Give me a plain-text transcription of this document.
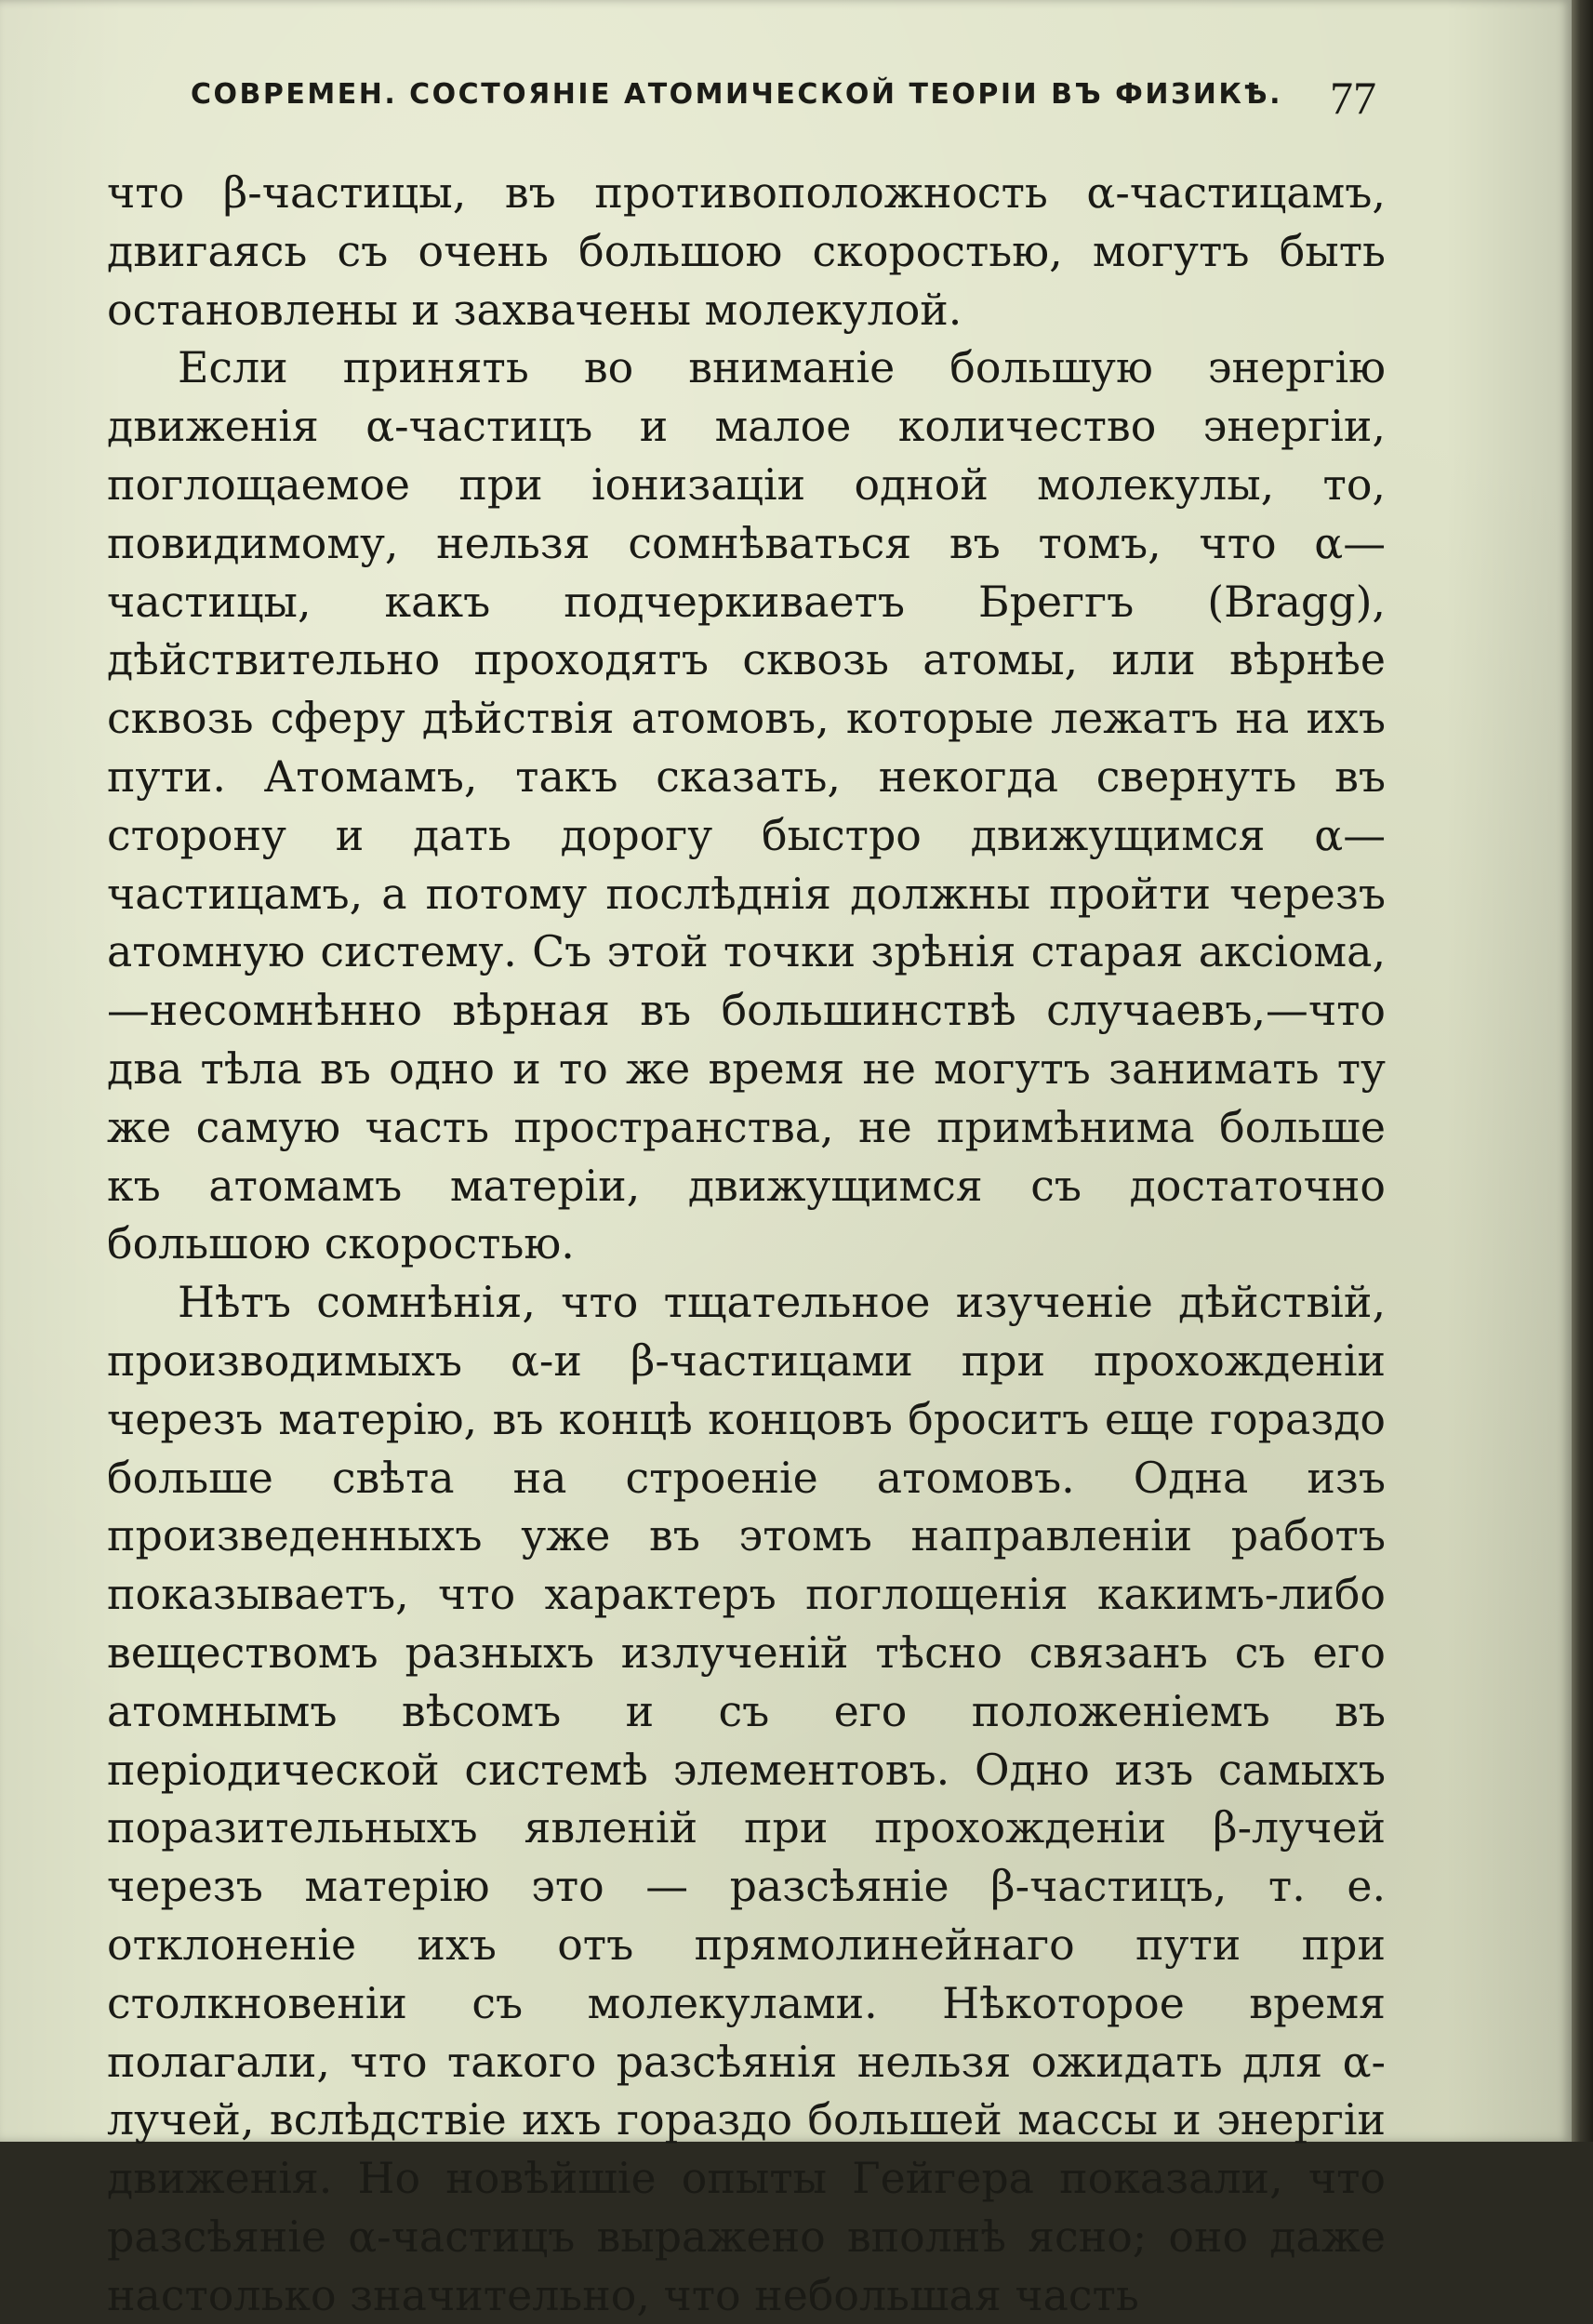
СОВРЕМЕН. СОСТОЯНІЕ АТОМИЧЕСКОЙ ТЕОРІИ ВЪ ФИЗИКѢ. 77

что β-частицы, въ противоположность α-частицамъ, двигаясь съ очень большою скоростью, могутъ быть остановлены и захвачены молекулой.

Если принять во вниманіе большую энергію движенія α-частицъ и малое количество энергіи, поглощаемое при іонизаціи одной молекулы, то, повидимому, нельзя сомнѣваться въ томъ, что α—частицы, какъ подчеркиваетъ Бреггъ (Bragg), дѣйствительно проходятъ сквозь атомы, или вѣрнѣе сквозь сферу дѣйствія атомовъ, которые лежатъ на ихъ пути. Атомамъ, такъ сказать, некогда свернуть въ сторону и дать дорогу быстро движущимся α—частицамъ, а потому послѣднія должны пройти черезъ атомную систему. Съ этой точки зрѣнія старая аксіома,—несомнѣнно вѣрная въ большинствѣ случаевъ,—что два тѣла въ одно и то же время не могутъ занимать ту же самую часть пространства, не примѣнима больше къ атомамъ матеріи, движущимся съ достаточно большою скоростью.

Нѣтъ сомнѣнія, что тщательное изученіе дѣйствій, производимыхъ α-и β-частицами при прохожденіи черезъ матерію, въ концѣ концовъ броситъ еще гораздо больше свѣта на строеніе атомовъ. Одна изъ произведенныхъ уже въ этомъ направленіи работъ показываетъ, что характеръ поглощенія какимъ-либо веществомъ разныхъ излученій тѣсно связанъ съ его атомнымъ вѣсомъ и съ его положеніемъ въ періодической системѣ элементовъ. Одно изъ самыхъ поразительныхъ явленій при прохожденіи β-лучей черезъ матерію это — разсѣяніе β-частицъ, т. е. отклоненіе ихъ отъ прямолинейнаго пути при столкновеніи съ молекулами. Нѣкоторое время полагали, что такого разсѣянія нельзя ожидать для α-лучей, вслѣдствіе ихъ гораздо большей массы и энергіи движенія. Но новѣйшіе опыты Гейгера показали, что разсѣяніе α-частицъ выражено вполнѣ ясно; оно даже настолько значительно, что небольшая часть
